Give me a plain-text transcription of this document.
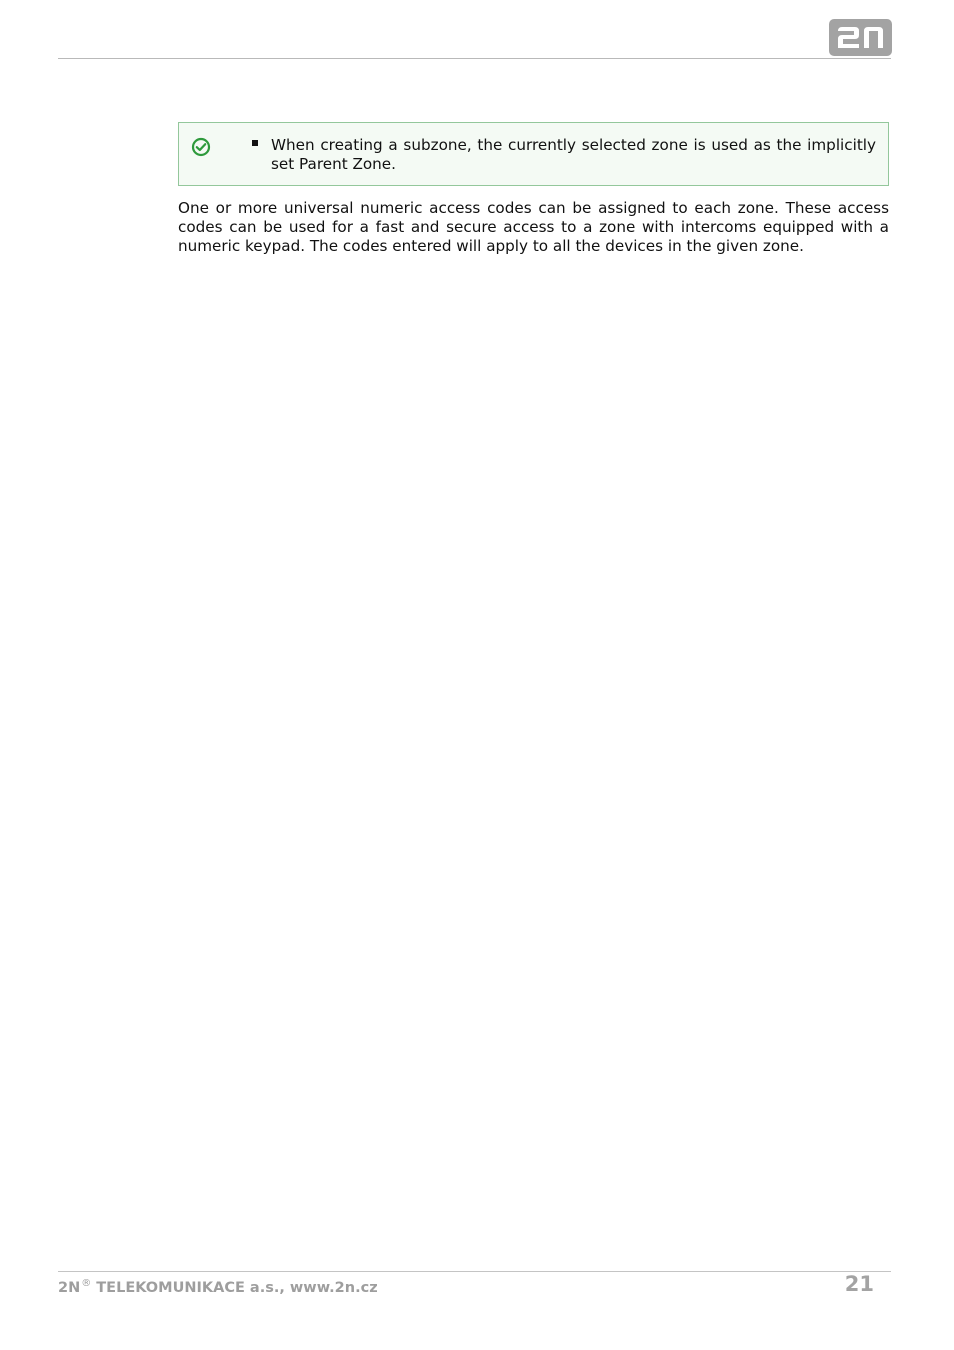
When creating a subzone, the currently selected zone is used as the implicitly set Parent Zone.

One or more universal numeric access codes can be assigned to each zone. These access codes can be used for a fast and secure access to a zone with intercoms equipped with a numeric keypad. The codes entered will apply to all the devices in the given zone.

2N® TELEKOMUNIKACE a.s., www.2n.cz	21
